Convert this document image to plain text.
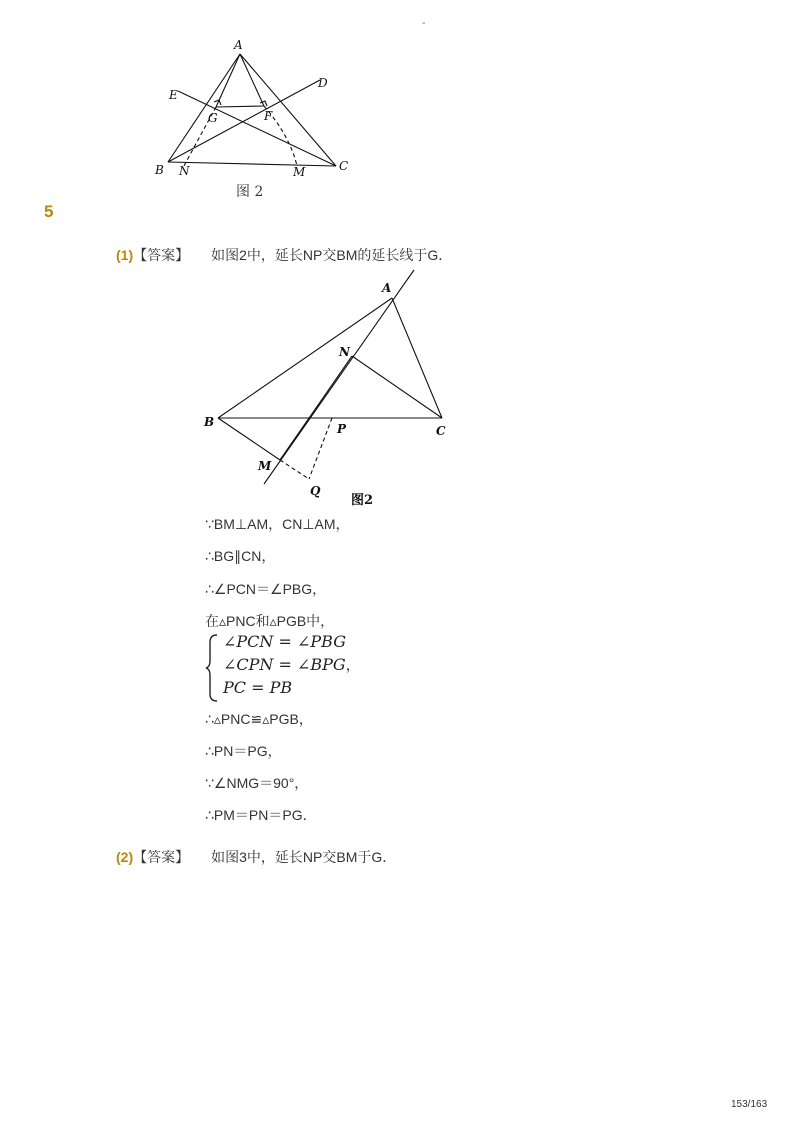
-
A
D
E
G	F
B N	M	C
图 2
5
(1)【答案】 如图2中，延长NP交BM的延长线于G．
A
N
B	P	C
M
Q
图2
∵BM⊥AM，CN⊥AM，
∴BG∥CN，
∴∠PCN＝∠PBG，
在▵PNC和▵PGB中，
∠PCN = ∠PBG
∠CPN = ∠BPG，
PC = PB
∴▵PNC≌▵PGB，
∴PN＝PG，
∵∠NMG＝90°，
∴PM＝PN＝PG．
(2)【答案】 如图3中，延长NP交BM于G．
153/163
